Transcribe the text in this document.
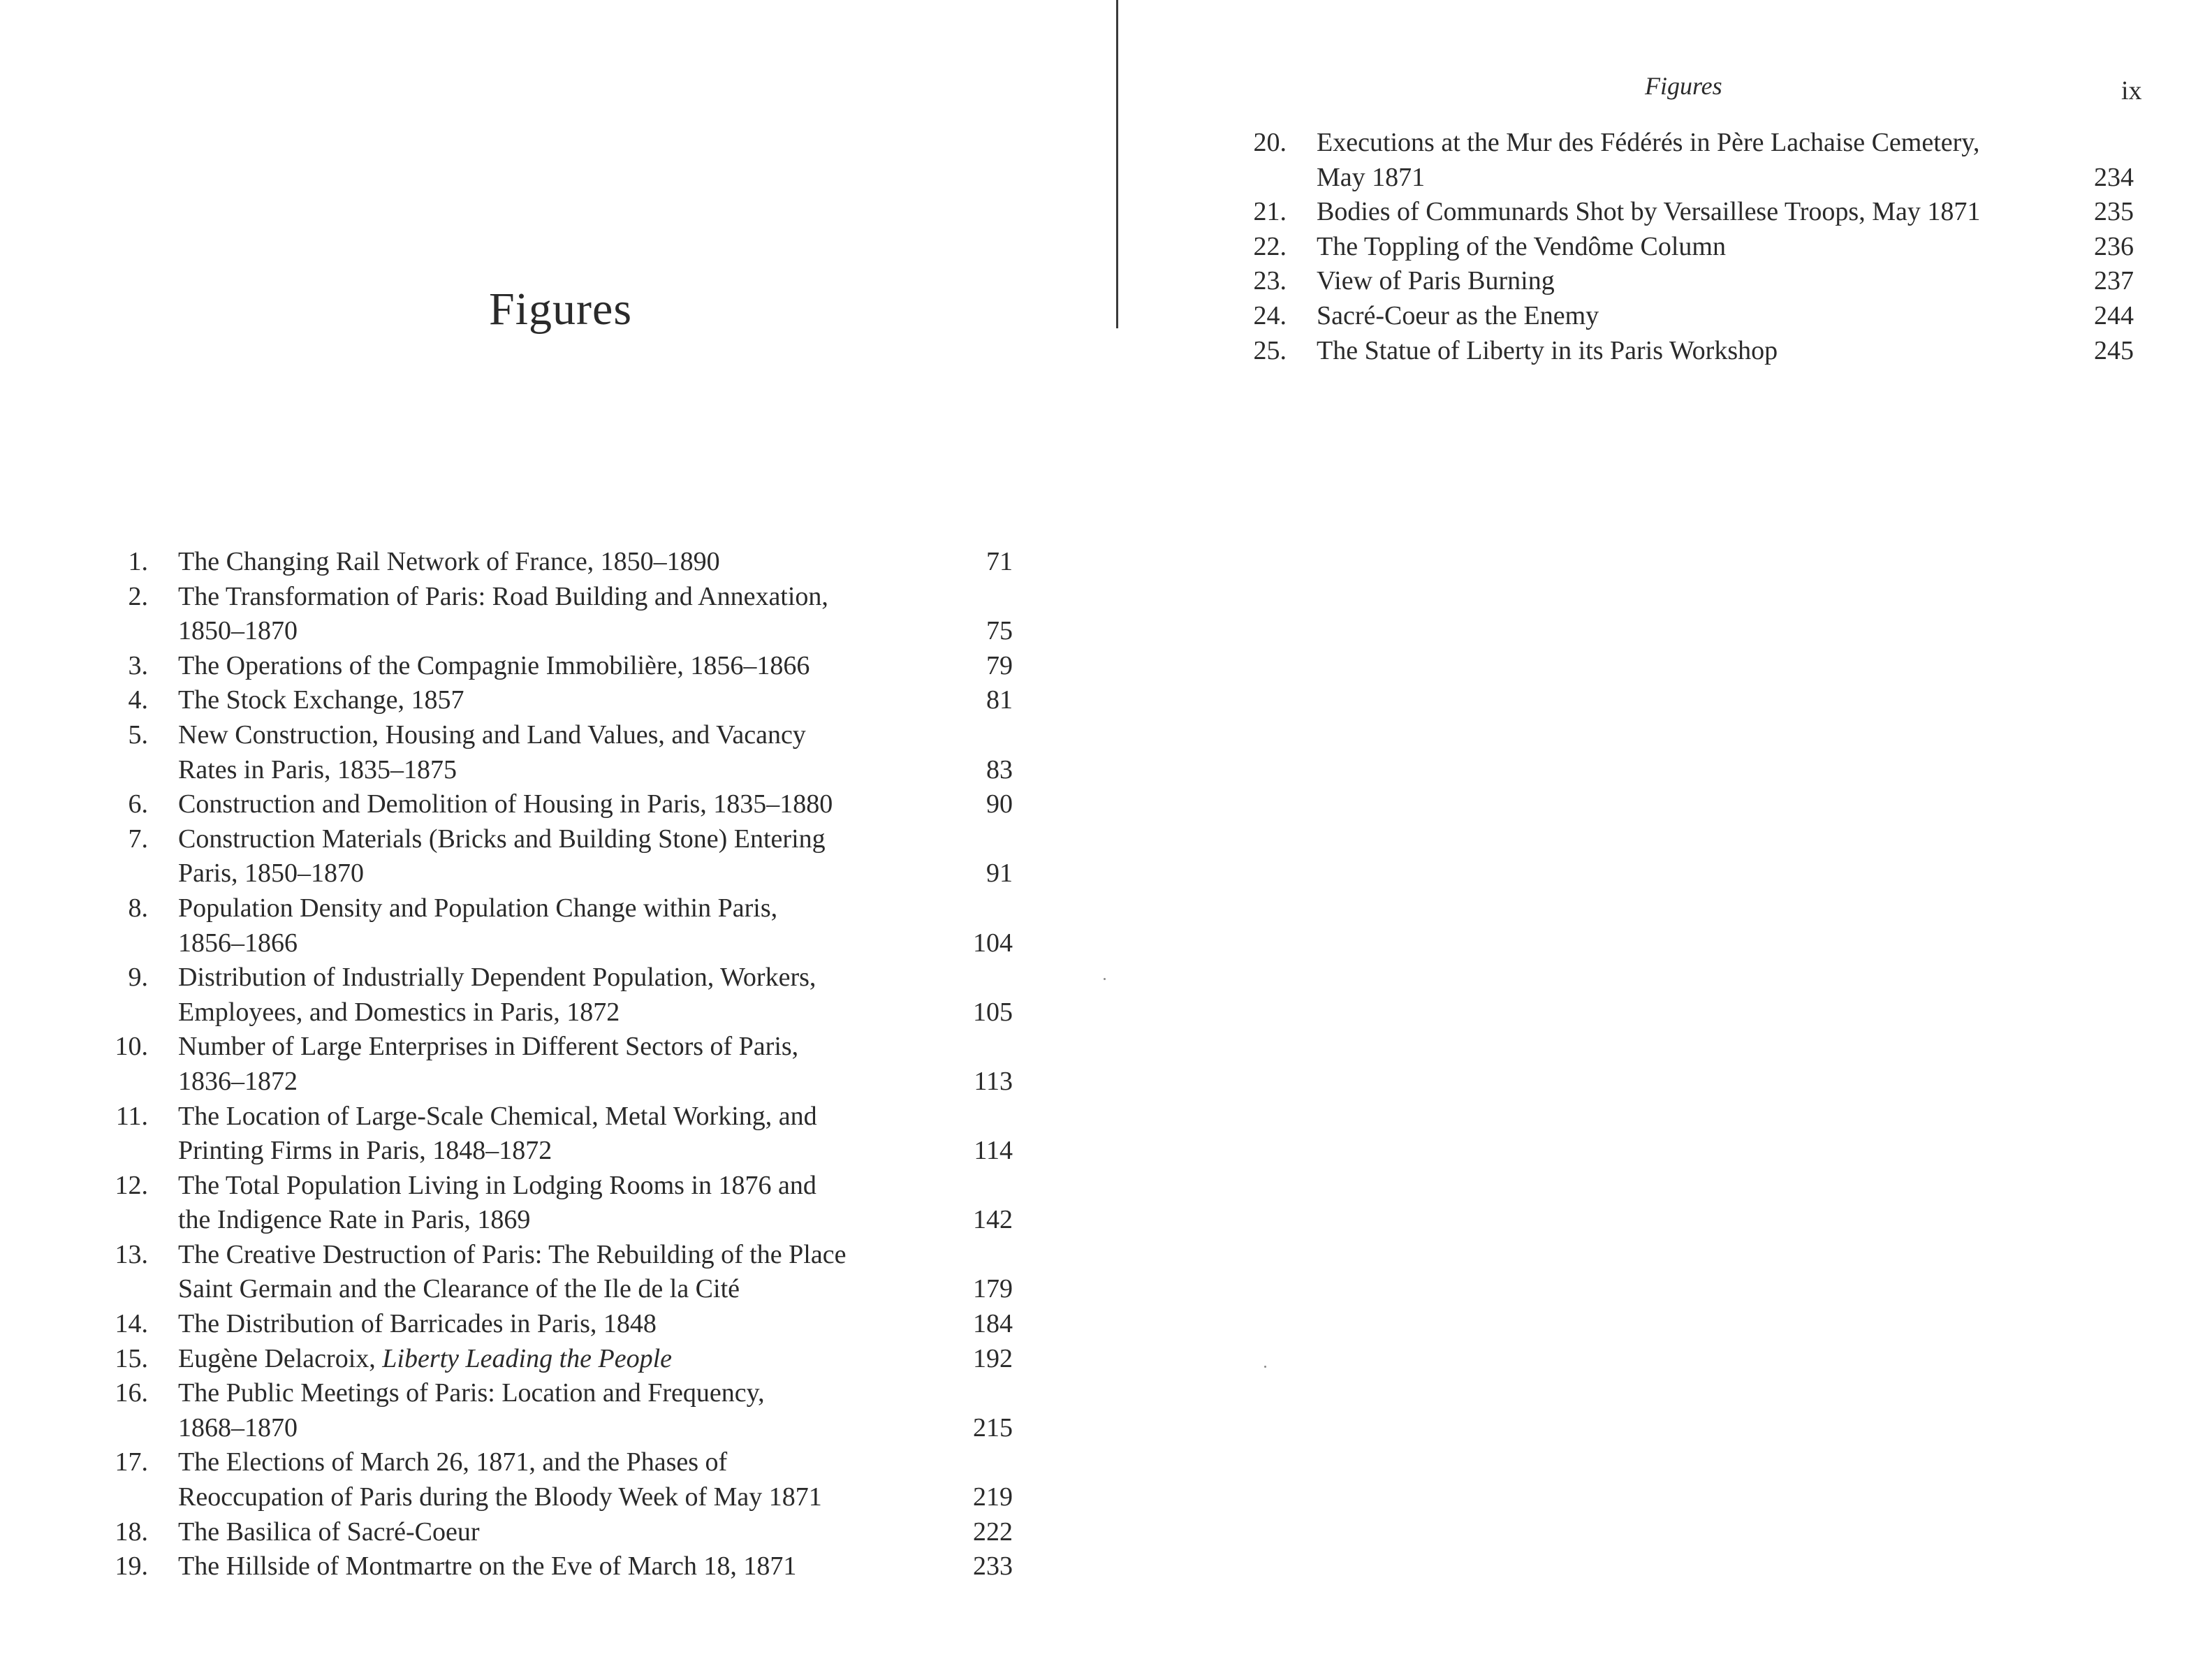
Figures
1. The Changing Rail Network of France, 1850–1890	71
2. The Transformation of Paris: Road Building and Annexation,
1850–1870	75
3. The Operations of the Compagnie Immobilière, 1856–1866	79
4. The Stock Exchange, 1857	81
5. New Construction, Housing and Land Values, and Vacancy
Rates in Paris, 1835–1875	83
6. Construction and Demolition of Housing in Paris, 1835–1880	90
7. Construction Materials (Bricks and Building Stone) Entering
Paris, 1850–1870	91
8. Population Density and Population Change within Paris,
1856–1866	104
9. Distribution of Industrially Dependent Population, Workers,
Employees, and Domestics in Paris, 1872	105
10. Number of Large Enterprises in Different Sectors of Paris,
1836–1872	113
11. The Location of Large-Scale Chemical, Metal Working, and
Printing Firms in Paris, 1848–1872	114
12. The Total Population Living in Lodging Rooms in 1876 and
the Indigence Rate in Paris, 1869	142
13. The Creative Destruction of Paris: The Rebuilding of the Place
Saint Germain and the Clearance of the Ile de la Cité	179
14. The Distribution of Barricades in Paris, 1848	184
15. Eugène Delacroix, Liberty Leading the People	192
16. The Public Meetings of Paris: Location and Frequency,
1868–1870	215
17. The Elections of March 26, 1871, and the Phases of
Reoccupation of Paris during the Bloody Week of May 1871	219
18. The Basilica of Sacré-Coeur	222
19. The Hillside of Montmartre on the Eve of March 18, 1871	233
Figures	ix
20. Executions at the Mur des Fédérés in Père Lachaise Cemetery,
May 1871	234
21. Bodies of Communards Shot by Versaillese Troops, May 1871	235
22. The Toppling of the Vendôme Column	236
23. View of Paris Burning	237
24. Sacré-Coeur as the Enemy	244
25. The Statue of Liberty in its Paris Workshop	245
